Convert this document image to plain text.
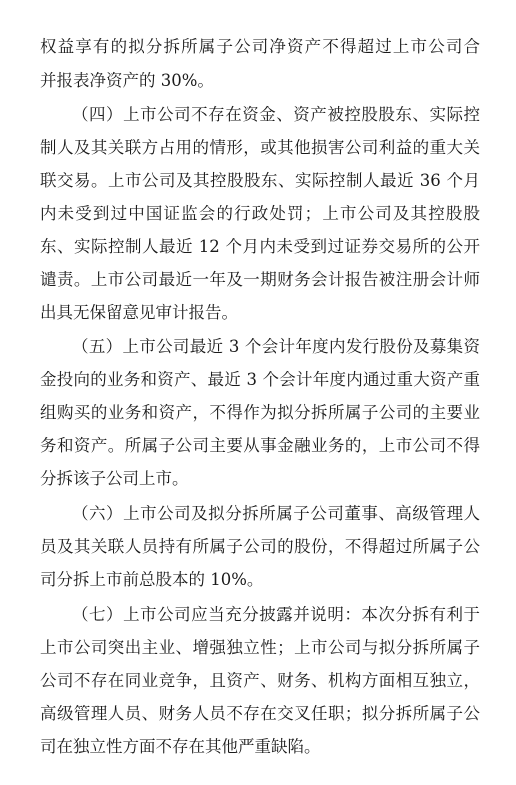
权益享有的拟分拆所属子公司净资产不得超过上市公司合
并报表净资产的 30%。
（四）上市公司不存在资金、资产被控股股东、实际控
制人及其关联方占用的情形，或其他损害公司利益的重大关
联交易。上市公司及其控股股东、实际控制人最近 36 个月
内未受到过中国证监会的行政处罚；上市公司及其控股股
东、实际控制人最近 12 个月内未受到过证券交易所的公开
谴责。上市公司最近一年及一期财务会计报告被注册会计师
出具无保留意见审计报告。
（五）上市公司最近 3 个会计年度内发行股份及募集资
金投向的业务和资产、最近 3 个会计年度内通过重大资产重
组购买的业务和资产，不得作为拟分拆所属子公司的主要业
务和资产。所属子公司主要从事金融业务的，上市公司不得
分拆该子公司上市。
（六）上市公司及拟分拆所属子公司董事、高级管理人
员及其关联人员持有所属子公司的股份，不得超过所属子公
司分拆上市前总股本的 10%。
（七）上市公司应当充分披露并说明：本次分拆有利于
上市公司突出主业、增强独立性；上市公司与拟分拆所属子
公司不存在同业竞争，且资产、财务、机构方面相互独立，
高级管理人员、财务人员不存在交叉任职；拟分拆所属子公
司在独立性方面不存在其他严重缺陷。
